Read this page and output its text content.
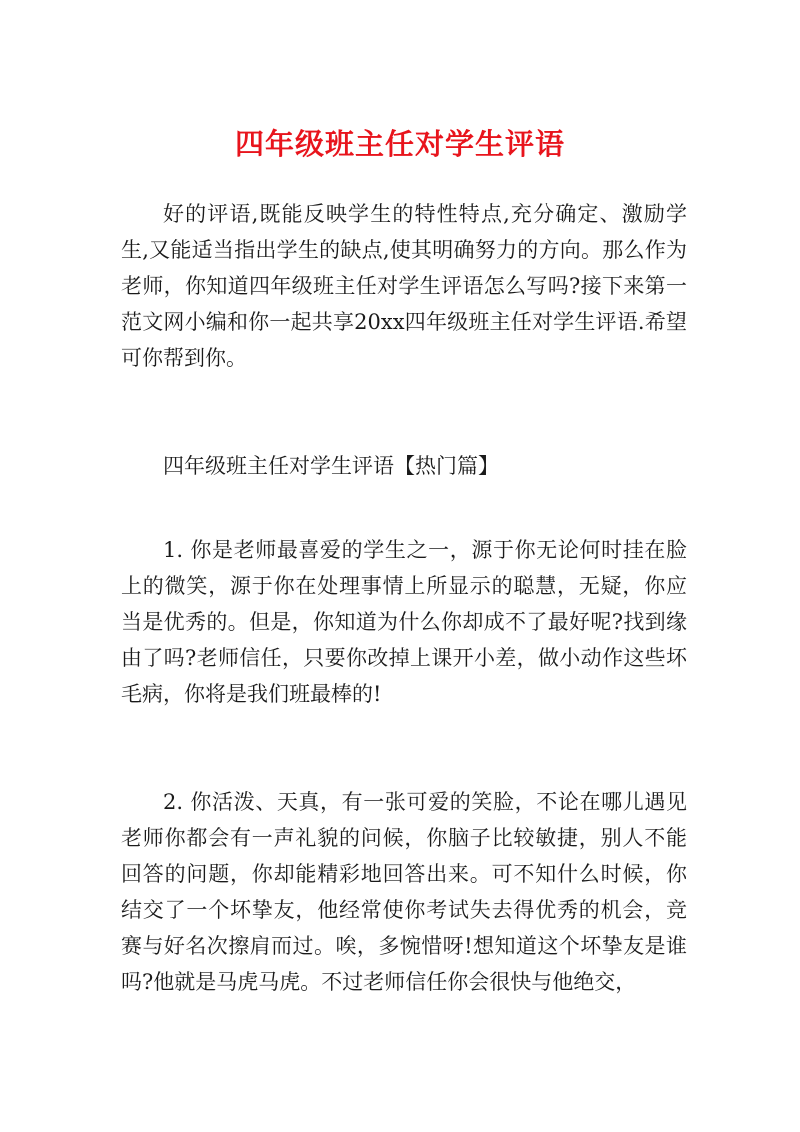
四年级班主任对学生评语

好的评语,既能反映学生的特性特点,充分确定、激励学生,又能适当指出学生的缺点,使其明确努力的方向。那么作为老师，你知道四年级班主任对学生评语怎么写吗?接下来第一范文网小编和你一起共享20xx四年级班主任对学生评语.希望可你帮到你。

四年级班主任对学生评语【热门篇】

1. 你是老师最喜爱的学生之一，源于你无论何时挂在脸上的微笑，源于你在处理事情上所显示的聪慧，无疑，你应当是优秀的。但是，你知道为什么你却成不了最好呢?找到缘由了吗?老师信任，只要你改掉上课开小差，做小动作这些坏毛病，你将是我们班最棒的!

2. 你活泼、天真，有一张可爱的笑脸，不论在哪儿遇见老师你都会有一声礼貌的问候，你脑子比较敏捷，别人不能回答的问题，你却能精彩地回答出来。可不知什么时候，你结交了一个坏挚友，他经常使你考试失去得优秀的机会，竞赛与好名次擦肩而过。唉，多惋惜呀!想知道这个坏挚友是谁吗?他就是马虎马虎。不过老师信任你会很快与他绝交，
